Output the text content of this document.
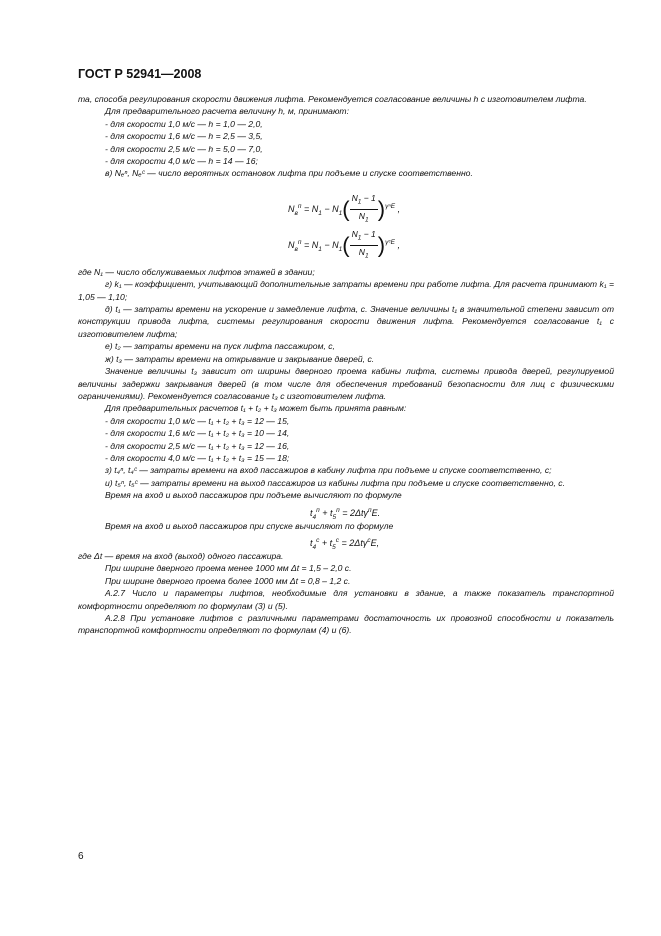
ГОСТ Р 52941—2008

та, способа регулирования скорости движения лифта. Рекомендуется согласование величины h с изготовителем лифта.

Для предварительного расчета величину h, м, принимают:

- для скорости 1,0 м/с — h = 1,0 — 2,0,

- для скорости 1,6 м/с — h = 2,5 — 3,5,

- для скорости 2,5 м/с — h = 5,0 — 7,0,

- для скорости 4,0 м/с — h = 14 — 16;

в) Nₑⁿ, Nₑᶜ — число вероятных остановок лифта при подъеме и спуске соответственно.

$N_в^п = N_1 - N_1( \frac{N_1 - 1}{N_1} )^{\gamma^nE}$ ,
$N_в^п = N_1 - N_1( \frac{N_1 - 1}{N_1} )^{\gamma ᶜE}$ ,

где N₁ — число обслуживаемых лифтов этажей в здании;

г) k₁ — коэффициент, учитывающий дополнительные затраты времени при работе лифта. Для расчета принимают k₁ = 1,05 — 1,10;

д) t₁ — затраты времени на ускорение и замедление лифта, с. Значение величины t₁ в значительной степени зависит от конструкции привода лифта, системы регулирования скорости движения лифта. Рекомендуется согласование t₁ с изготовителем лифта;

е) t₂ — затраты времени на пуск лифта пассажиром, с,

ж) t₃ — затраты времени на открывание и закрывание дверей, с.

Значение величины t₃ зависит от ширины дверного проема кабины лифта, системы привода дверей, регулируемой величины задержки закрывания дверей (в том числе для обеспечения требований безопасности для лиц с физическими ограничениями). Рекомендуется согласование t₃ с изготовителем лифта.

Для предварительных расчетов t₁ + t₂ + t₃ может быть принята равным:

- для скорости 1,0 м/с — t₁ + t₂ + t₃ = 12 — 15,

- для скорости 1,6 м/с — t₁ + t₂ + t₃ = 10 — 14,

- для скорости 2,5 м/с — t₁ + t₂ + t₃ = 12 — 16,

- для скорости 4,0 м/с — t₁ + t₂ + t₃ = 15 — 18;

з) t₄ⁿ, t₄ᶜ — затраты времени на вход пассажиров в кабину лифта при подъеме и спуске соответственно, с;

и) t₅ⁿ, t₅ᶜ — затраты времени на выход пассажиров из кабины лифта при подъеме и спуске соответственно, с.

Время на вход и выход пассажиров при подъеме вычисляют по формуле

$t_4^п + t_5^п = 2\Delta t\gamma^пE$.

Время на вход и выход пассажиров при спуске вычисляют по формуле

$t_4^с + t_5^с = 2\Delta t\gamma^сE$,

где Δt — время на вход (выход) одного пассажира.

При ширине дверного проема менее 1000 мм Δt = 1,5 – 2,0 с.

При ширине дверного проема более 1000 мм Δt = 0,8 – 1,2 с.

А.2.7 Число и параметры лифтов, необходимые для установки в здание, а также показатель транспортной комфортности определяют по формулам (3) и (5).

А.2.8 При установке лифтов с различными параметрами достаточность их провозной способности и показатель транспортной комфортности определяют по формулам (4) и (6).

6
